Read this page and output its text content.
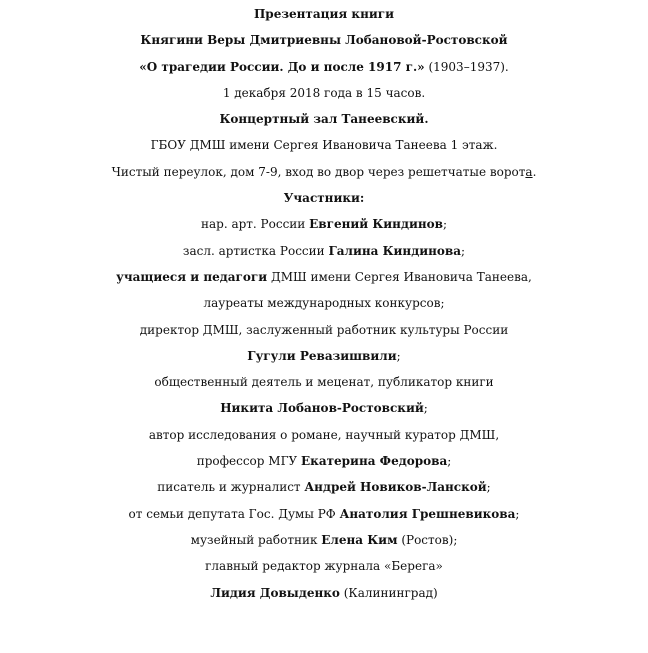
Презентация книги

Княгини Веры Дмитриевны Лобановой-Ростовской

«О трагедии России. До и после 1917 г.» (1903–1937).

1 декабря 2018 года в 15 часов.

Концертный зал Танеевский.

ГБОУ ДМШ имени Сергея Ивановича Танеева 1 этаж.

Чистый переулок, дом 7-9, вход во двор через решетчатые ворота.

Участники:

нар. арт. России Евгений Киндинов;

засл. артистка России Галина Киндинова;

учащиеся и педагоги ДМШ имени Сергея Ивановича Танеева,

лауреаты международных конкурсов;

директор ДМШ, заслуженный работник культуры России

Гугули Ревазишвили;

общественный деятель и меценат, публикатор книги

Никита Лобанов-Ростовский;

автор исследования о романе, научный куратор ДМШ,

профессор МГУ Екатерина Федорова;

писатель и журналист Андрей Новиков-Ланской;

от семьи депутата Гос. Думы РФ Анатолия Грешневикова;

музейный работник Елена Ким (Ростов);

главный редактор журнала «Берега»

Лидия Довыденко (Калининград)
